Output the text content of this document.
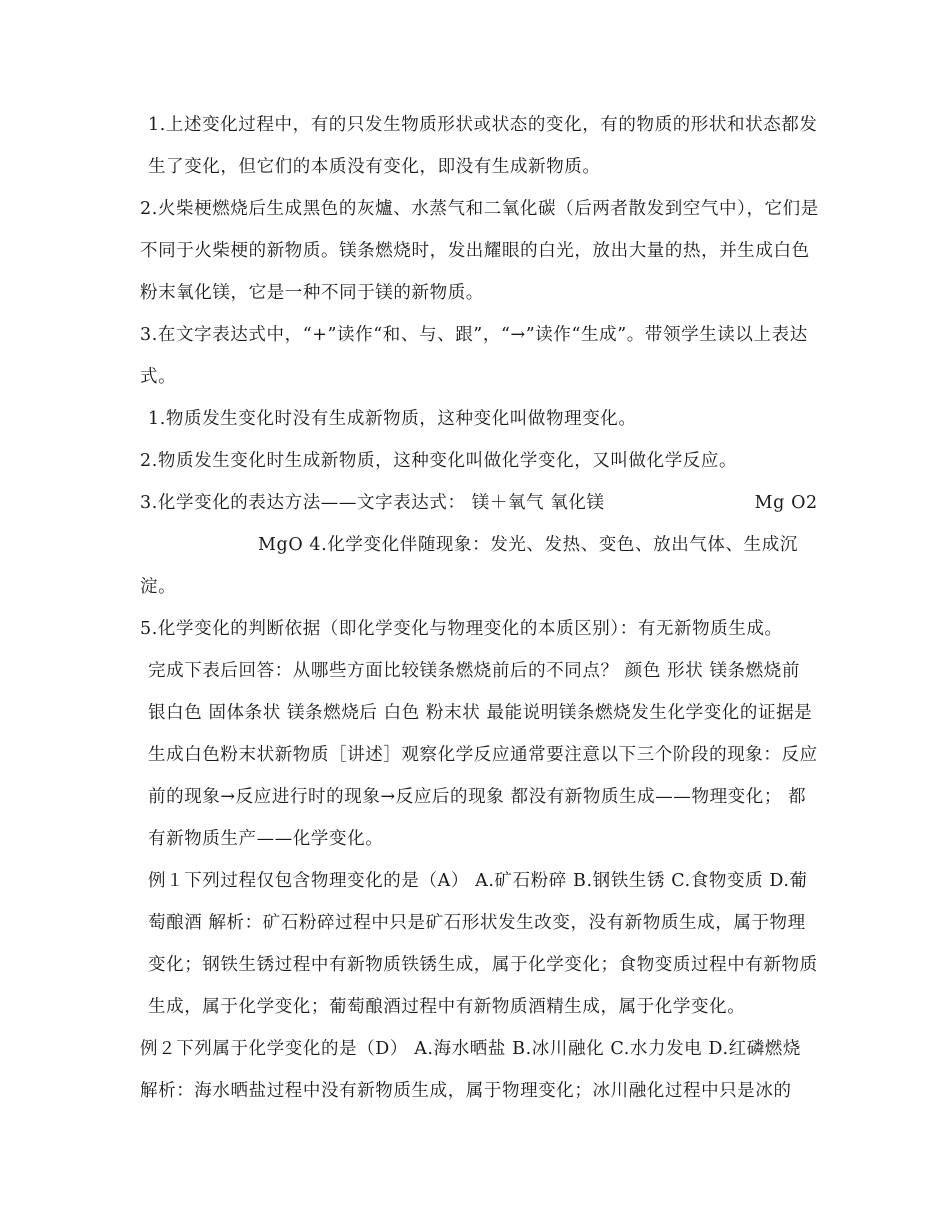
1.上述变化过程中，有的只发生物质形状或状态的变化，有的物质的形状和状态都发生了变化，但它们的本质没有变化，即没有生成新物质。

2.火柴梗燃烧后生成黑色的灰爐、水蒸气和二氧化碳（后两者散发到空气中），它们是不同于火柴梗的新物质。镁条燃烧时，发出耀眼的白光，放出大量的热，并生成白色粉末氧化镁，它是一种不同于镁的新物质。

3.在文字表达式中，“+”读作“和、与、跟”，“→”读作“生成”。带领学生读以上表达式。

1.物质发生变化时没有生成新物质，这种变化叫做物理变化。

2.物质发生变化时生成新物质，这种变化叫做化学变化，又叫做化学反应。

3.化学变化的表达方法——文字表达式： 镁＋氧气 氧化镁	Mg O2MgO 4.化学变化伴随现象：发光、发热、变色、放出气体、生成沉淀。

5.化学变化的判断依据（即化学变化与物理变化的本质区别）：有无新物质生成。

完成下表后回答：从哪些方面比较镁条燃烧前后的不同点？ 颜色 形状 镁条燃烧前 银白色 固体条状 镁条燃烧后 白色 粉末状 最能说明镁条燃烧发生化学变化的证据是生成白色粉末状新物质［讲述］观察化学反应通常要注意以下三个阶段的现象：反应前的现象→反应进行时的现象→反应后的现象 都没有新物质生成——物理变化； 都有新物质生产——化学变化。

例１下列过程仅包含物理变化的是（A） A.矿石粉碎 B.钢铁生锈 C.食物变质 D.葡萄酿酒 解析：矿石粉碎过程中只是矿石形状发生改变，没有新物质生成，属于物理变化；钢铁生锈过程中有新物质铁锈生成，属于化学变化；食物变质过程中有新物质生成，属于化学变化；葡萄酿酒过程中有新物质酒精生成，属于化学变化。

例２下列属于化学变化的是（D） A.海水晒盐 B.冰川融化 C.水力发电 D.红磷燃烧 解析：海水晒盐过程中没有新物质生成，属于物理变化；冰川融化过程中只是冰的
